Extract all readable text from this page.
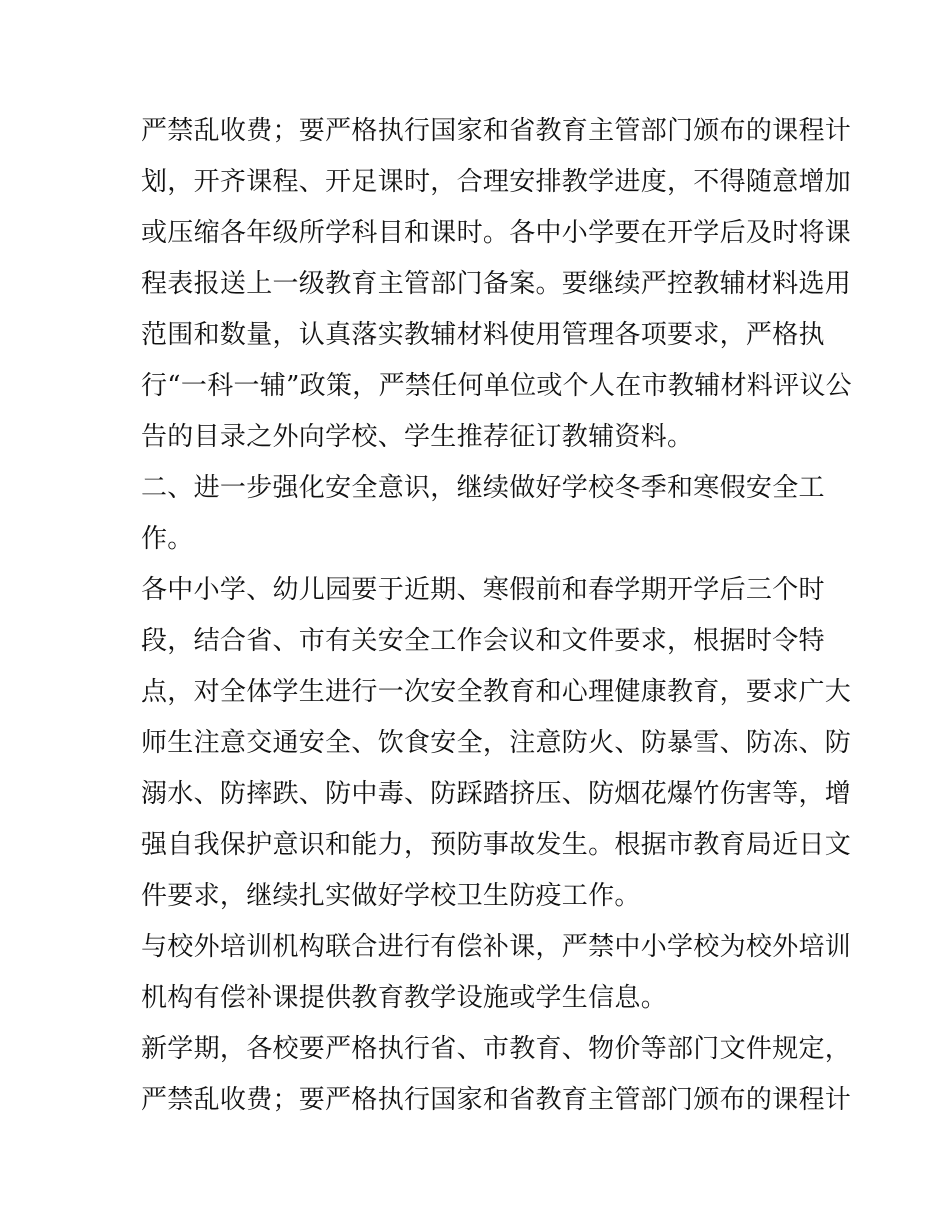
严禁乱收费；要严格执行国家和省教育主管部门颁布的课程计
划，开齐课程、开足课时，合理安排教学进度，不得随意增加
或压缩各年级所学科目和课时。各中小学要在开学后及时将课
程表报送上一级教育主管部门备案。要继续严控教辅材料选用
范围和数量，认真落实教辅材料使用管理各项要求，严格执
行“一科一辅”政策，严禁任何单位或个人在市教辅材料评议公
告的目录之外向学校、学生推荐征订教辅资料。
二、进一步强化安全意识，继续做好学校冬季和寒假安全工
作。
各中小学、幼儿园要于近期、寒假前和春学期开学后三个时
段，结合省、市有关安全工作会议和文件要求，根据时令特
点，对全体学生进行一次安全教育和心理健康教育，要求广大
师生注意交通安全、饮食安全，注意防火、防暴雪、防冻、防
溺水、防摔跌、防中毒、防踩踏挤压、防烟花爆竹伤害等，增
强自我保护意识和能力，预防事故发生。根据市教育局近日文
件要求，继续扎实做好学校卫生防疫工作。
与校外培训机构联合进行有偿补课，严禁中小学校为校外培训
机构有偿补课提供教育教学设施或学生信息。
新学期，各校要严格执行省、市教育、物价等部门文件规定，
严禁乱收费；要严格执行国家和省教育主管部门颁布的课程计
